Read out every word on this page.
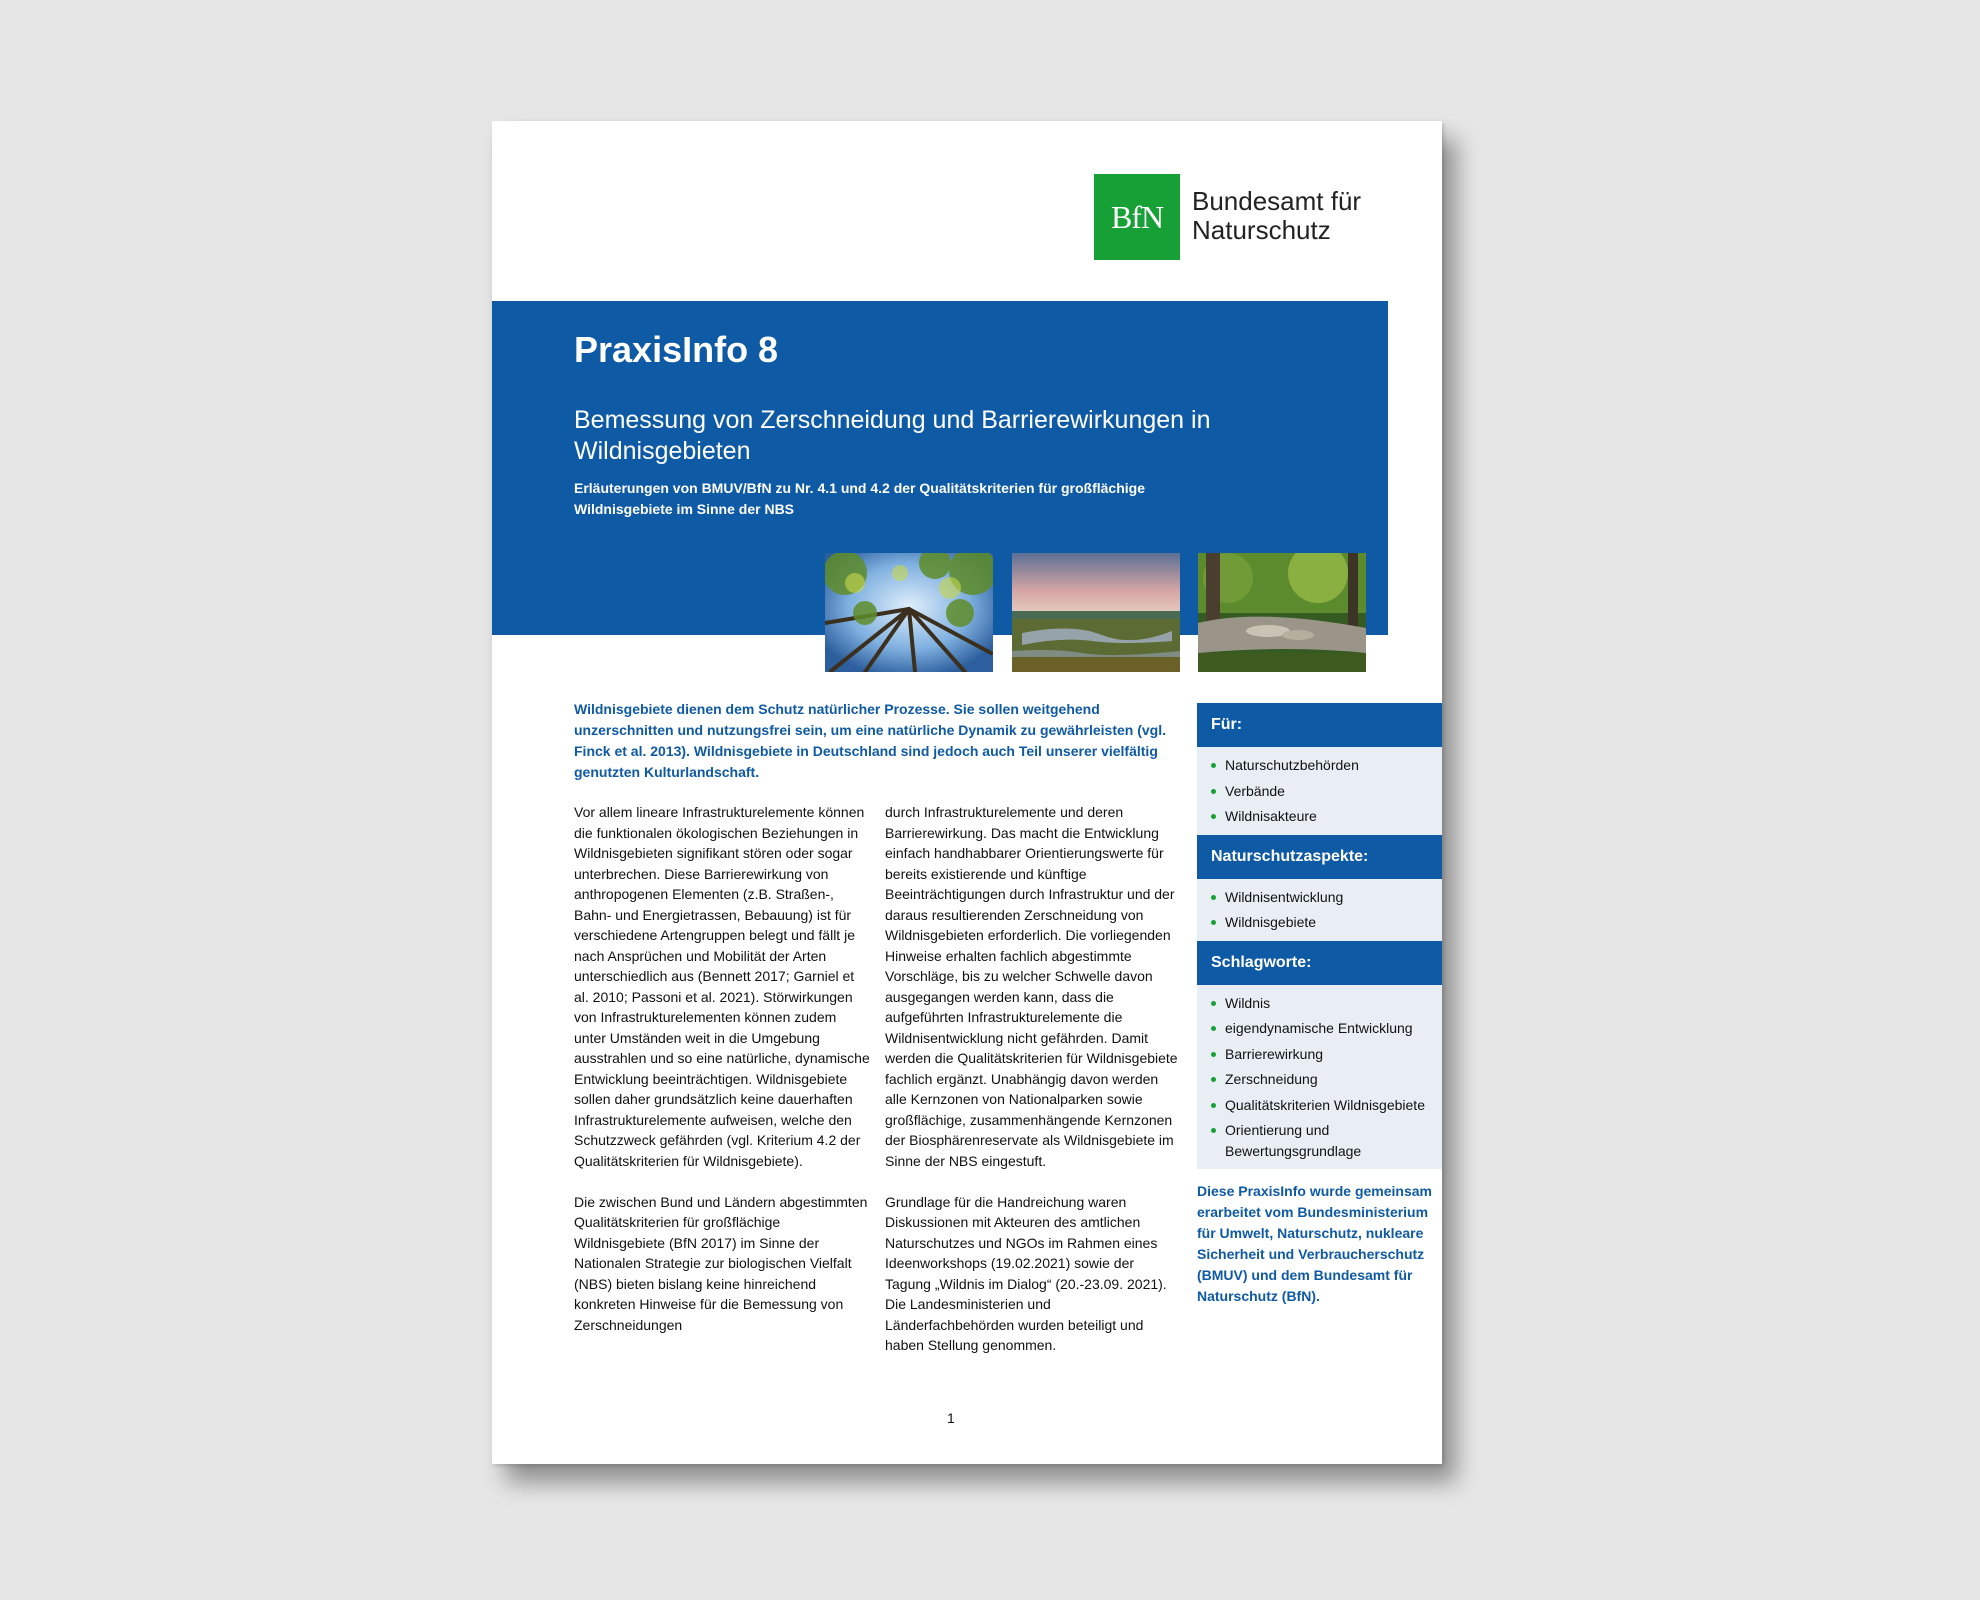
BfN	Bundesamt für
Naturschutz
PraxisInfo 8
Bemessung von Zerschneidung und Barrierewirkungen in Wildnisgebieten
Erläuterungen von BMUV/BfN zu Nr. 4.1 und 4.2 der Qualitätskriterien für großflächige Wildnisgebiete im Sinne der NBS
Wildnisgebiete dienen dem Schutz natürlicher Prozesse. Sie sollen weitgehend unzerschnitten und nutzungsfrei sein, um eine natürliche Dynamik zu gewährleisten (vgl. Finck et al. 2013). Wildnisgebiete in Deutschland sind jedoch auch Teil unserer vielfältig genutzten Kulturlandschaft.

Vor allem lineare Infrastrukturelemente können die funktionalen ökologischen Beziehungen in Wildnisgebieten signifikant stören oder sogar unterbrechen. Diese Barrierewirkung von anthropogenen Elementen (z.B. Straßen-, Bahn- und Energietrassen, Bebauung) ist für verschiedene Artengruppen belegt und fällt je nach Ansprüchen und Mobilität der Arten unterschiedlich aus (Bennett 2017; Garniel et al. 2010; Passoni et al. 2021). Störwirkungen von Infrastrukturelementen können zudem unter Umständen weit in die Umgebung ausstrahlen und so eine natürliche, dynamische Entwicklung beeinträchtigen. Wildnisgebiete sollen daher grundsätzlich keine dauerhaften Infrastrukturelemente aufweisen, welche den Schutzzweck gefährden (vgl. Kriterium 4.2 der Qualitätskriterien für Wildnisgebiete).

Die zwischen Bund und Ländern abgestimmten Qualitätskriterien für großflächige Wildnisgebiete (BfN 2017) im Sinne der Nationalen Strategie zur biologischen Vielfalt (NBS) bieten bislang keine hinreichend konkreten Hinweise für die Bemessung von Zerschneidungen

durch Infrastrukturelemente und deren Barrierewirkung. Das macht die Entwicklung einfach handhabbarer Orientierungswerte für bereits existierende und künftige Beeinträchtigungen durch Infrastruktur und der daraus resultierenden Zerschneidung von Wildnisgebieten erforderlich. Die vorliegenden Hinweise erhalten fachlich abgestimmte Vorschläge, bis zu welcher Schwelle davon ausgegangen werden kann, dass die aufgeführten Infrastrukturelemente die Wildnisentwicklung nicht gefährden. Damit werden die Qualitätskriterien für Wildnisgebiete fachlich ergänzt. Unabhängig davon werden alle Kernzonen von Nationalparken sowie großflächige, zusammenhängende Kernzonen der Biosphärenreservate als Wildnisgebiete im Sinne der NBS eingestuft.

Grundlage für die Handreichung waren Diskussionen mit Akteuren des amtlichen Naturschutzes und NGOs im Rahmen eines Ideenworkshops (19.02.2021) sowie der Tagung „Wildnis im Dialog“ (20.-23.09. 2021). Die Landesministerien und Länderfachbehörden wurden beteiligt und haben Stellung genommen.

Für:
Naturschutzbehörden
Verbände
Wildnisakteure
Naturschutzaspekte:
Wildnisentwicklung
Wildnisgebiete
Schlagworte:
Wildnis
eigendynamische Entwicklung
Barrierewirkung
Zerschneidung
Qualitätskriterien Wildnisgebiete
Orientierung und Bewertungsgrundlage
Diese PraxisInfo wurde gemeinsam erarbeitet vom Bundesministerium für Umwelt, Naturschutz, nukleare Sicherheit und Verbraucherschutz (BMUV) und dem Bundesamt für Naturschutz (BfN).
1
